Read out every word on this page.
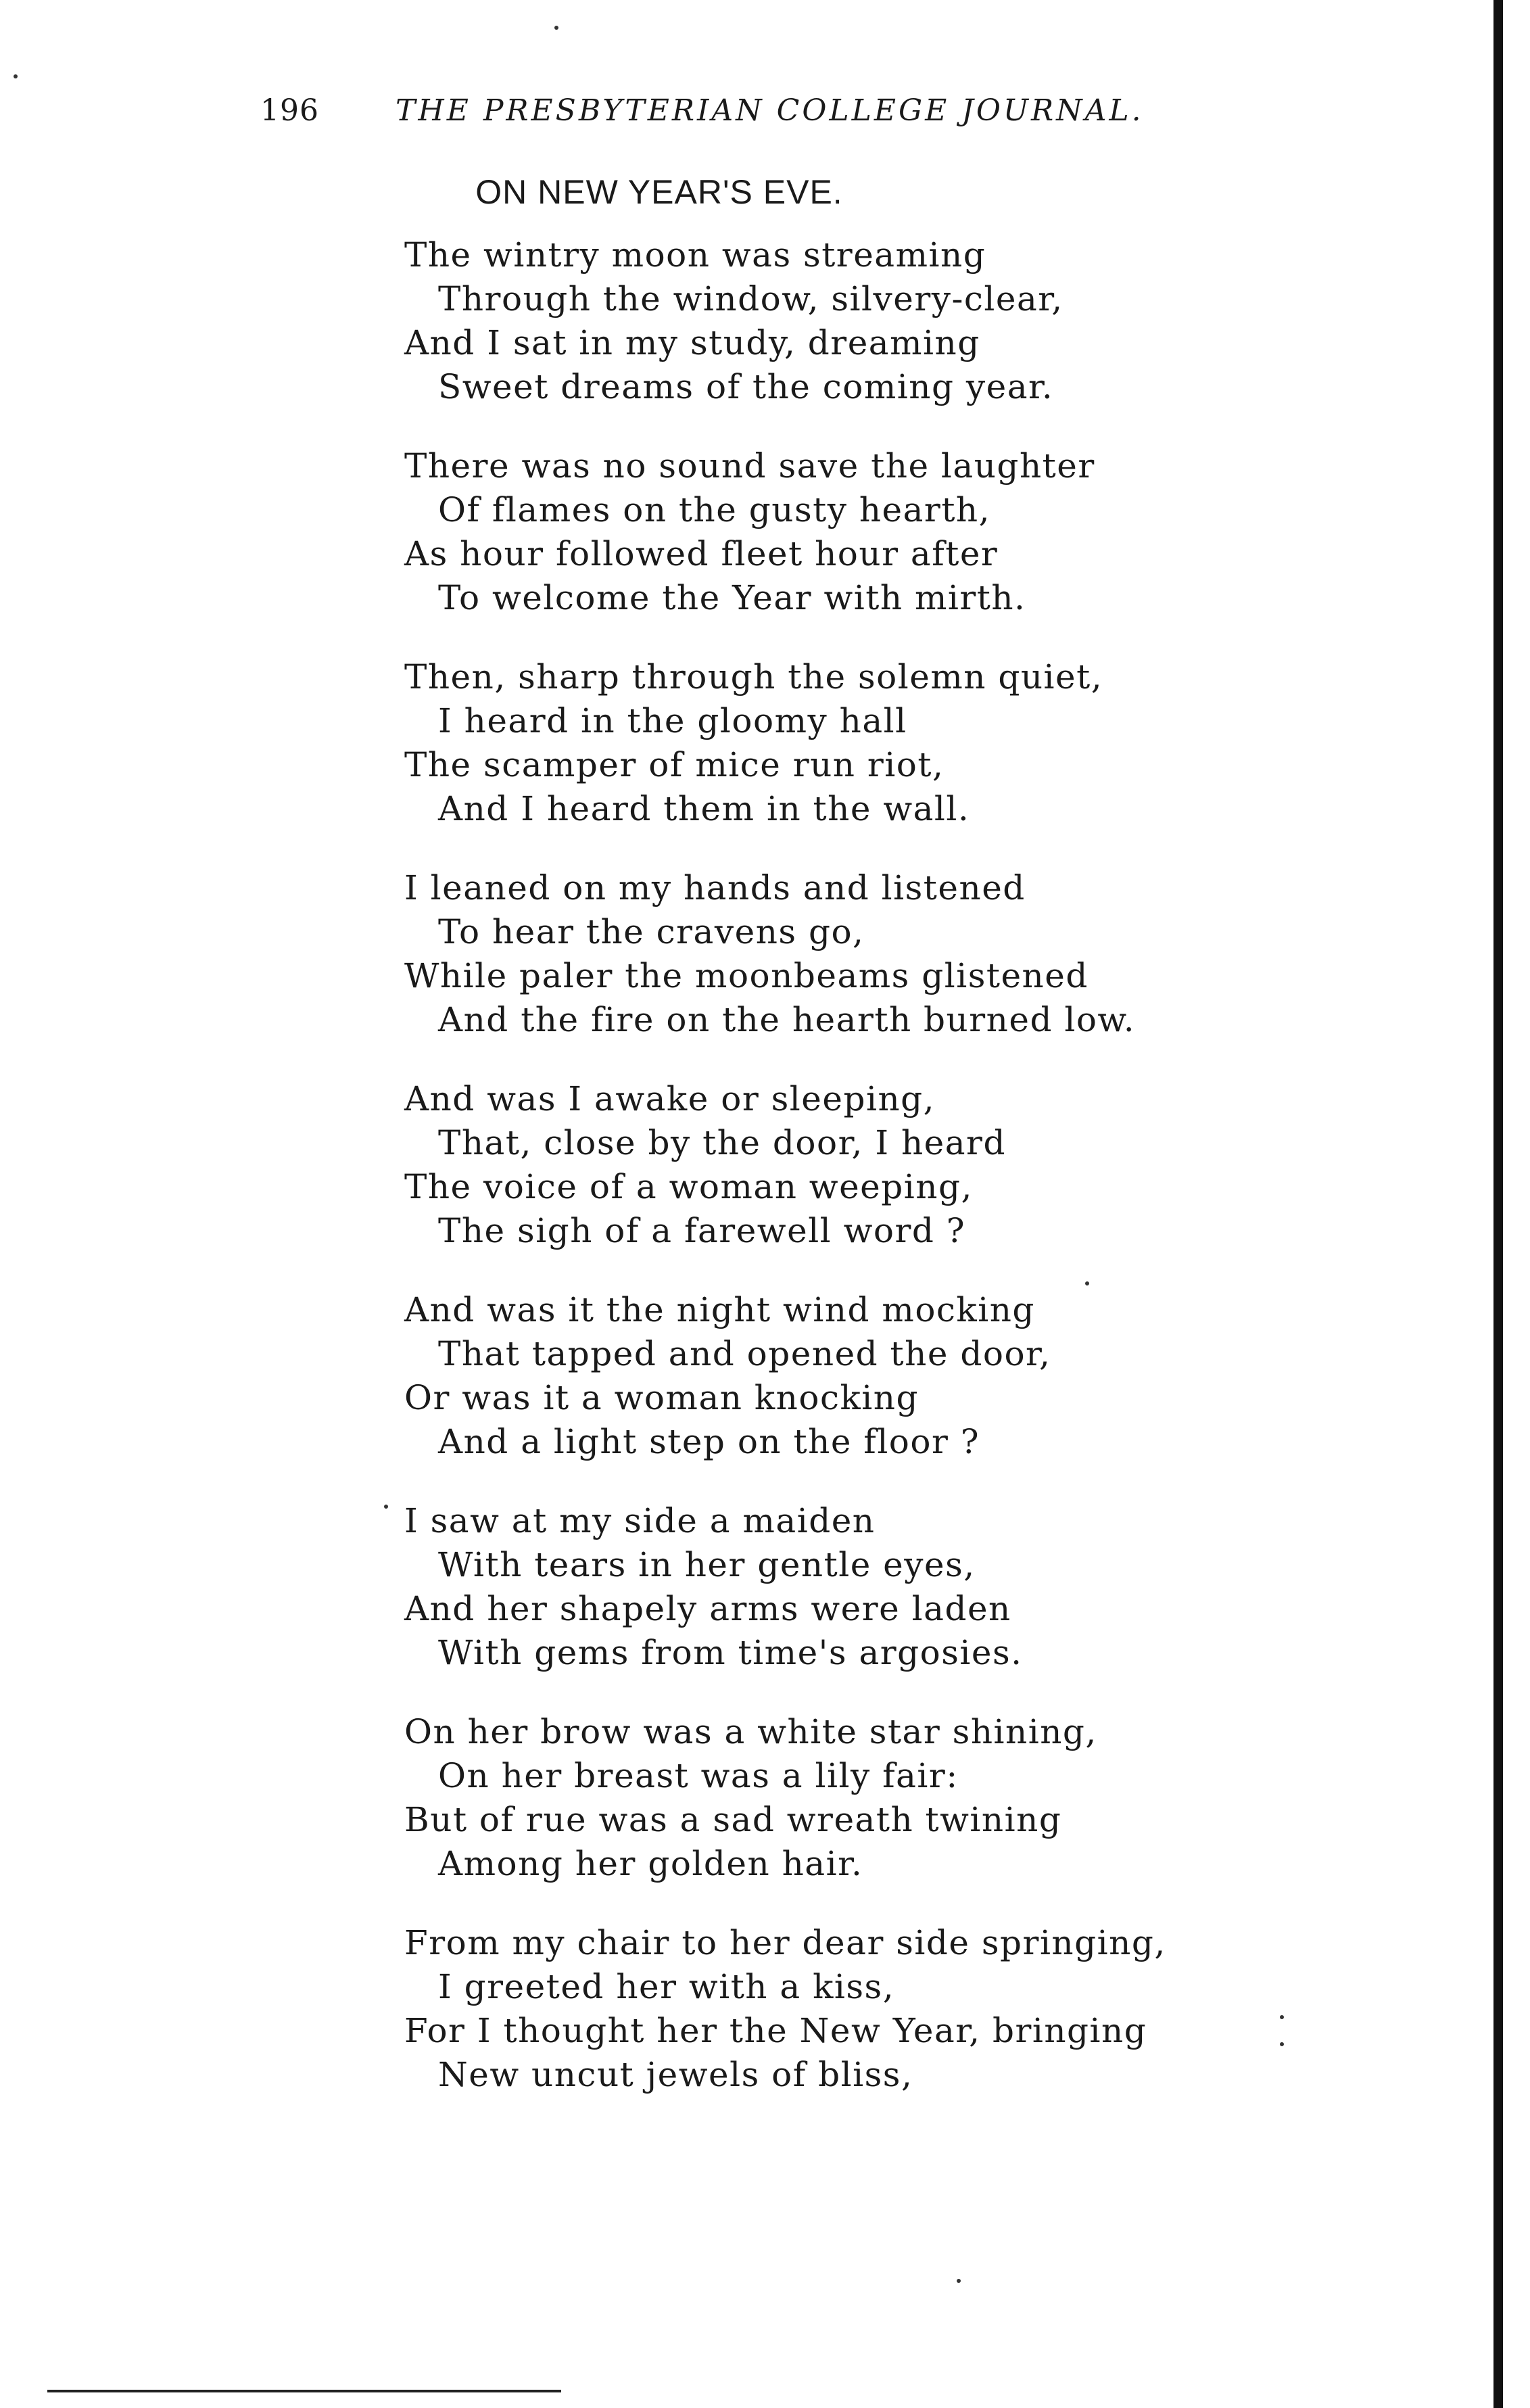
196	THE PRESBYTERIAN COLLEGE JOURNAL.
ON NEW YEAR'S EVE.
The wintry moon was streaming
Through the window, silvery-clear,
And I sat in my study, dreaming
Sweet dreams of the coming year.
There was no sound save the laughter
Of flames on the gusty hearth,
As hour followed fleet hour after
To welcome the Year with mirth.
Then, sharp through the solemn quiet,
I heard in the gloomy hall
The scamper of mice run riot,
And I heard them in the wall.
I leaned on my hands and listened
To hear the cravens go,
While paler the moonbeams glistened
And the fire on the hearth burned low.
And was I awake or sleeping,
That, close by the door, I heard
The voice of a woman weeping,
The sigh of a farewell word ?
And was it the night wind mocking
That tapped and opened the door,
Or was it a woman knocking
And a light step on the floor ?
I saw at my side a maiden
With tears in her gentle eyes,
And her shapely arms were laden
With gems from time's argosies.
On her brow was a white star shining,
On her breast was a lily fair:
But of rue was a sad wreath twining
Among her golden hair.
From my chair to her dear side springing,
I greeted her with a kiss,
For I thought her the New Year, bringing
New uncut jewels of bliss,
